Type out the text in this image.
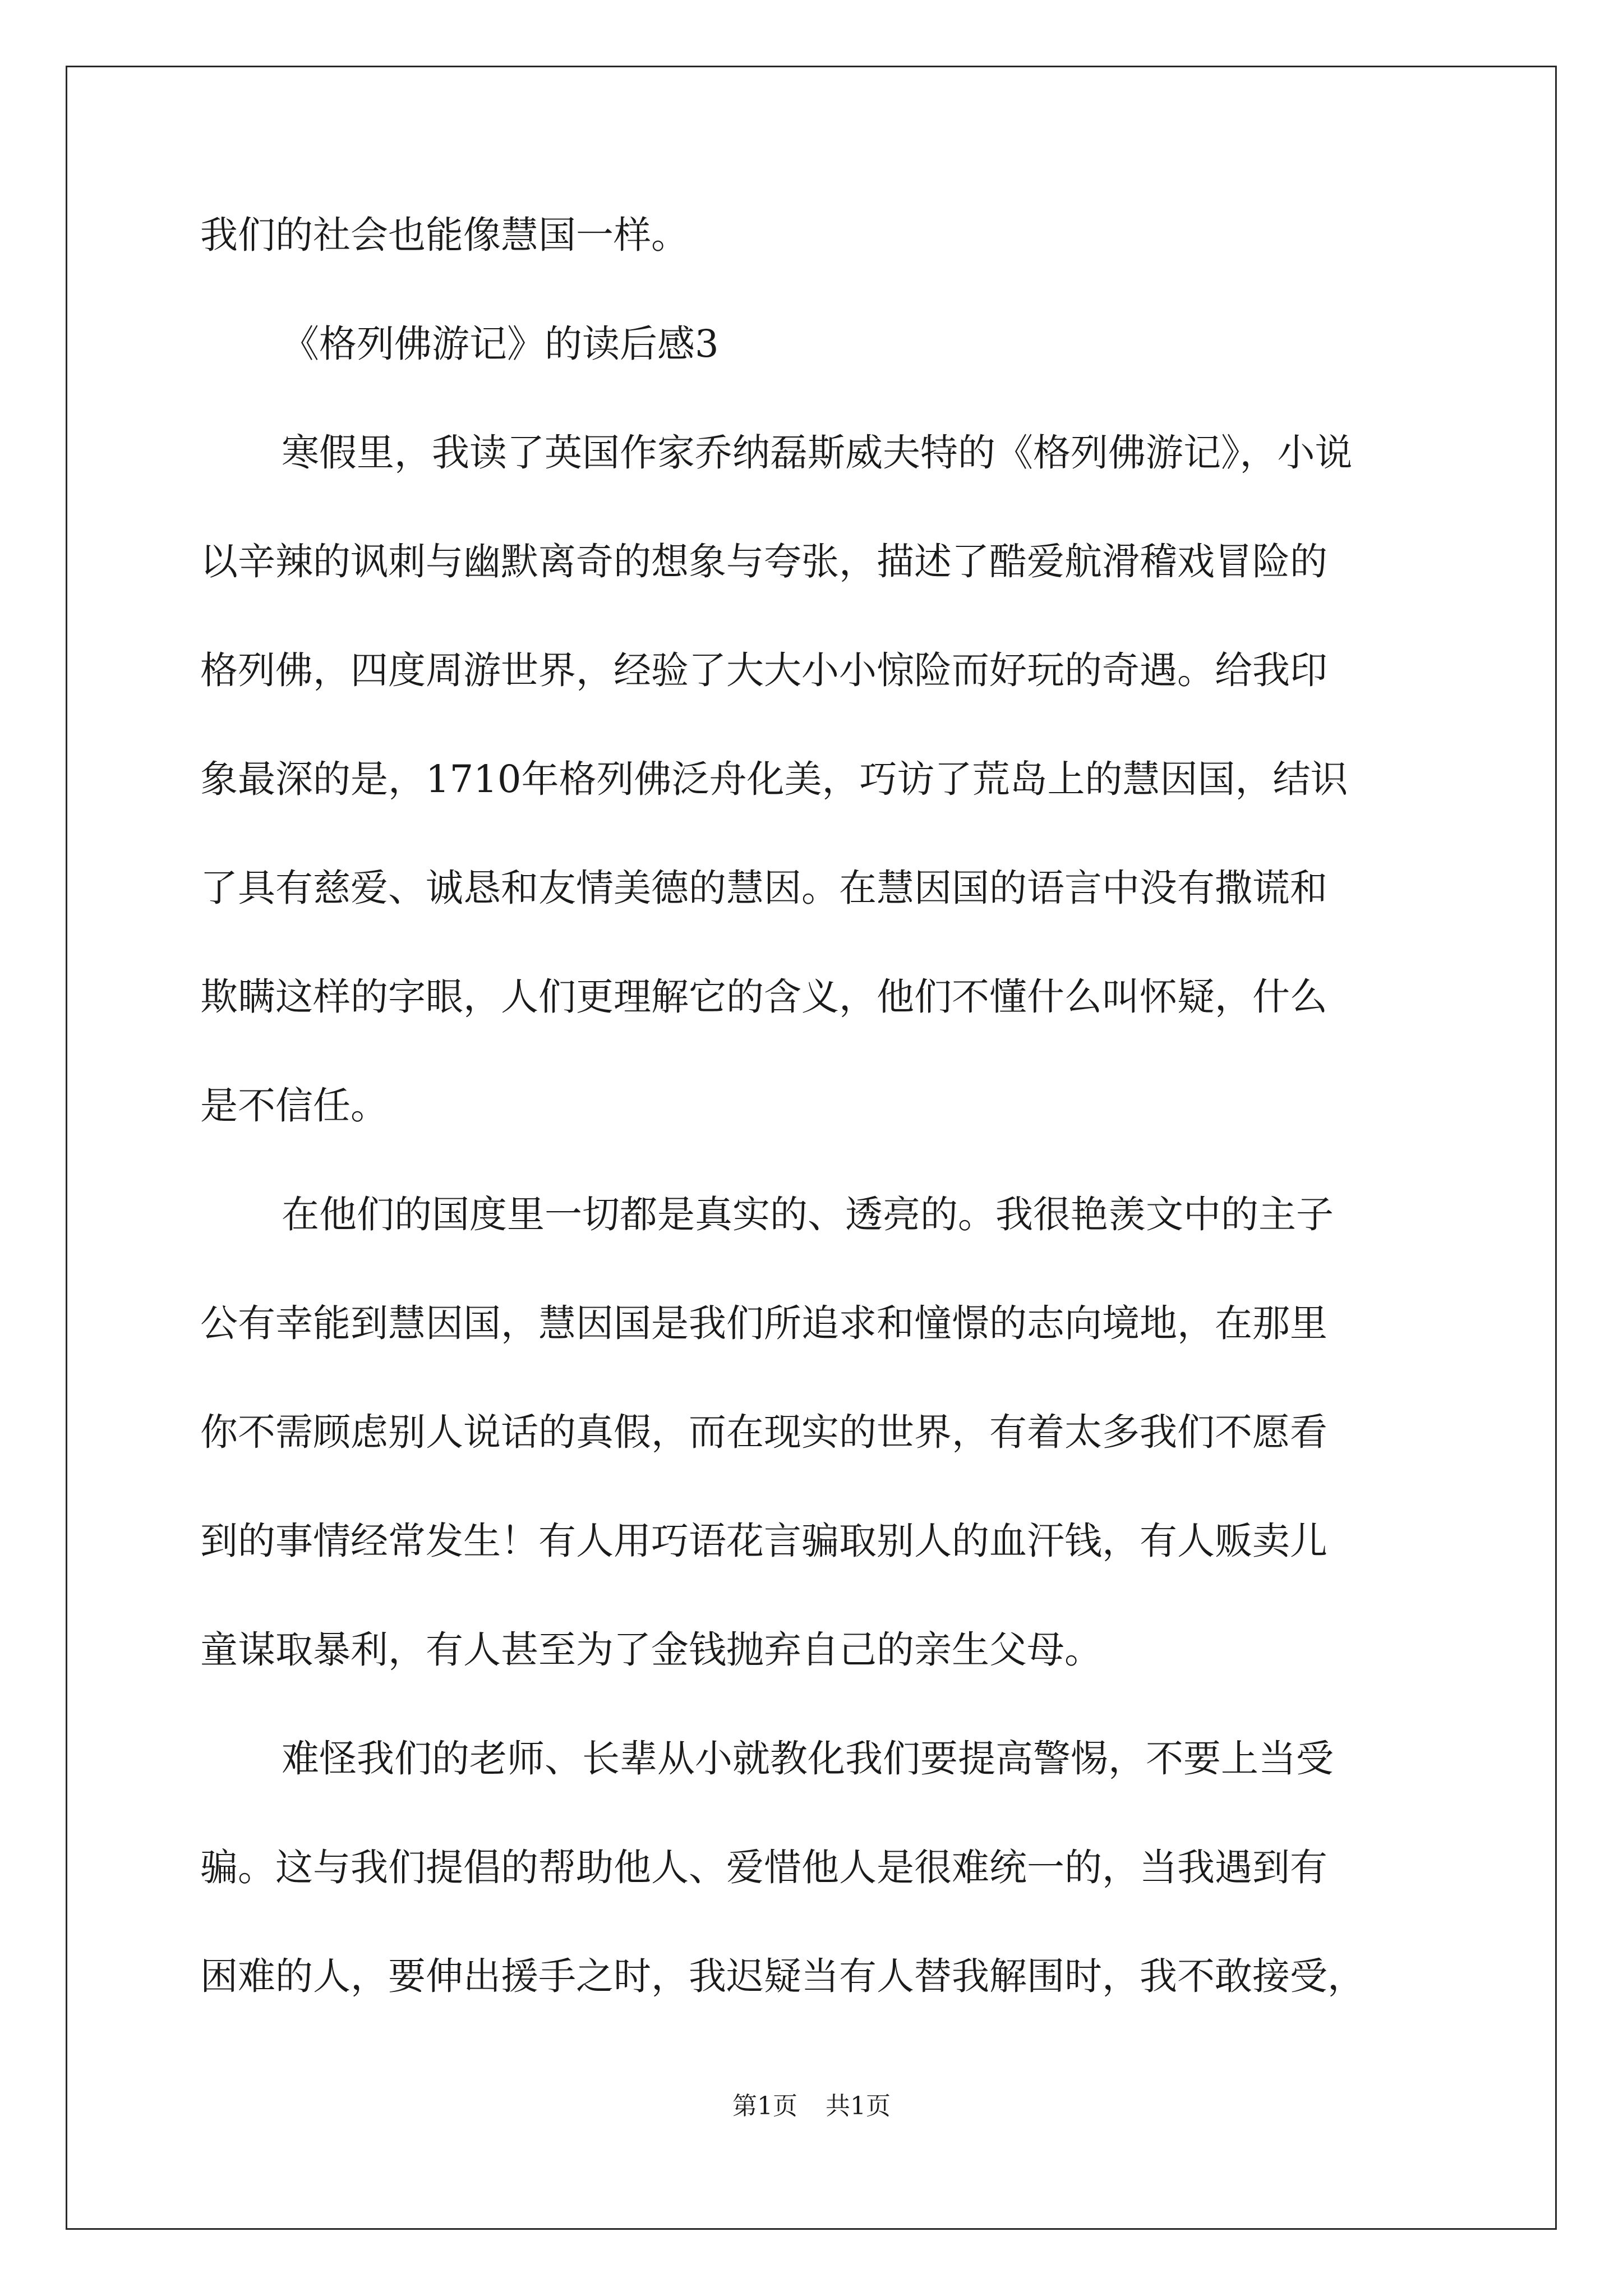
我们的社会也能像慧国一样。
《格列佛游记》的读后感3
寒假里，我读了英国作家乔纳磊斯威夫特的《格列佛游记》，小说
以辛辣的讽刺与幽默离奇的想象与夸张，描述了酷爱航滑稽戏冒险的
格列佛，四度周游世界，经验了大大小小惊险而好玩的奇遇。给我印
象最深的是，1710年格列佛泛舟化美，巧访了荒岛上的慧因国，结识
了具有慈爱、诚恳和友情美德的慧因。在慧因国的语言中没有撒谎和
欺瞒这样的字眼，人们更理解它的含义，他们不懂什么叫怀疑，什么
是不信任。
在他们的国度里一切都是真实的、透亮的。我很艳羡文中的主子
公有幸能到慧因国，慧因国是我们所追求和憧憬的志向境地，在那里
你不需顾虑别人说话的真假，而在现实的世界，有着太多我们不愿看
到的事情经常发生！有人用巧语花言骗取别人的血汗钱，有人贩卖儿
童谋取暴利，有人甚至为了金钱抛弃自己的亲生父母。
难怪我们的老师、长辈从小就教化我们要提高警惕，不要上当受
骗。这与我们提倡的帮助他人、爱惜他人是很难统一的，当我遇到有
困难的人，要伸出援手之时，我迟疑当有人替我解围时，我不敢接受，
第1页 共1页
